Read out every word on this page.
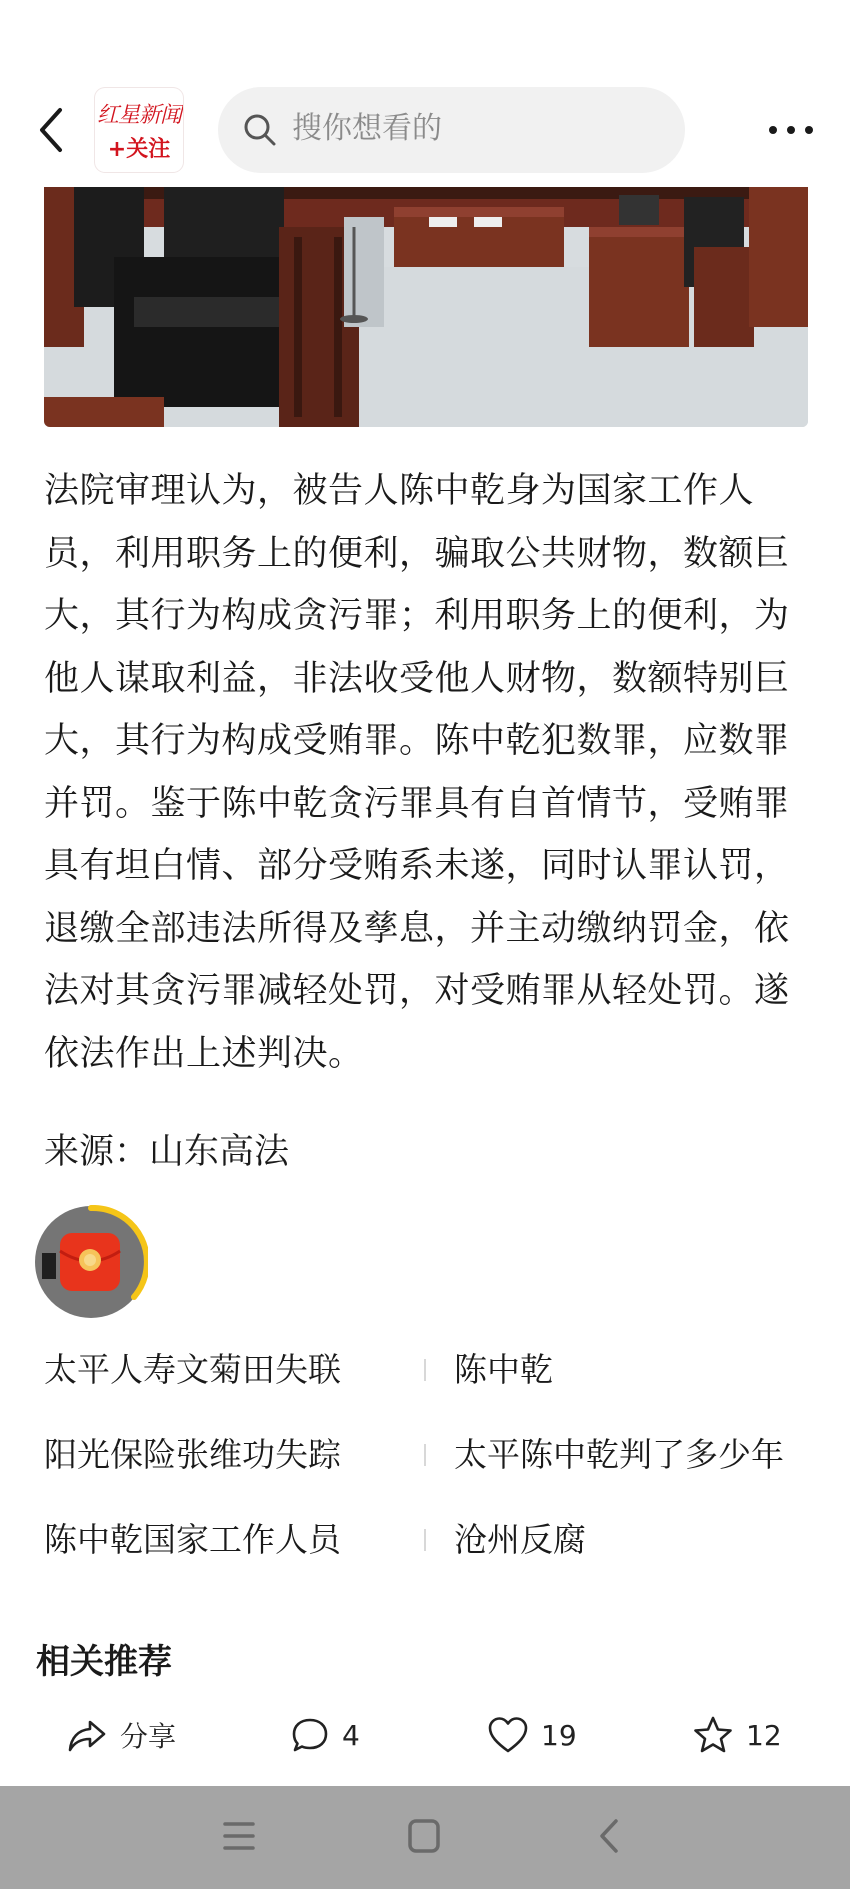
红星新闻
+关注
搜你想看的
法院审理认为，被告人陈中乾身为国家工作人员，利用职务上的便利，骗取公共财物，数额巨大，其行为构成贪污罪；利用职务上的便利，为他人谋取利益，非法收受他人财物，数额特别巨大，其行为构成受贿罪。陈中乾犯数罪，应数罪并罚。鉴于陈中乾贪污罪具有自首情节，受贿罪具有坦白情、部分受贿系未遂，同时认罪认罚，退缴全部违法所得及孳息，并主动缴纳罚金，依法对其贪污罪减轻处罚，对受贿罪从轻处罚。遂依法作出上述判决。
来源：山东高法
太平人寿文菊田失联	陈中乾
阳光保险张维功失踪	太平陈中乾判了多少年
陈中乾国家工作人员	沧州反腐
相关推荐
分享	4	19	12
